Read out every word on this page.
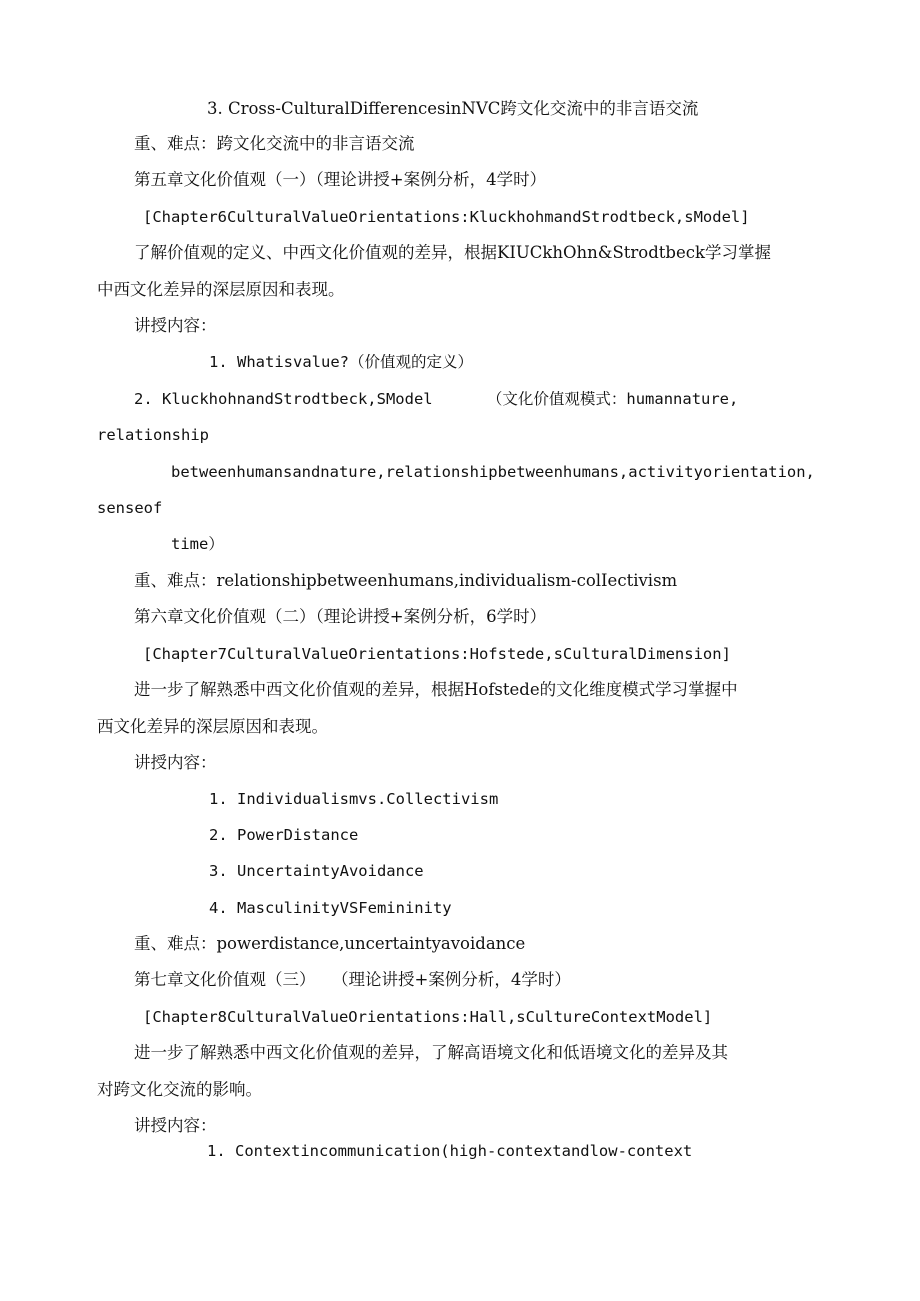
3. Cross-CulturalDifferencesinNVC跨文化交流中的非言语交流
重、难点：跨文化交流中的非言语交流
第五章文化价值观（一）（理论讲授+案例分析，4学时）
[Chapter6CulturalValueOrientations:KluckhohmandStrodtbeck,sModel]
了解价值观的定义、中西文化价值观的差异，根据KIUCkhOhn&Strodtbeck学习掌握
中西文化差异的深层原因和表现。
讲授内容：
1. Whatisvalue?（价值观的定义）
2. KluckhohnandStrodtbeck,SModel　　　　（文化价值观模式：humannature,
relationship
betweenhumansandnature,relationshipbetweenhumans,activityorientation,
senseof
time）
重、难点：relationshipbetweenhumans,individualism-colIectivism
第六章文化价值观（二）（理论讲授+案例分析，6学时）
[Chapter7CulturalValueOrientations:Hofstede,sCulturalDimension]
进一步了解熟悉中西文化价值观的差异，根据Hofstede的文化维度模式学习掌握中
西文化差异的深层原因和表现。
讲授内容：
1. Individualismvs.Collectivism
2. PowerDistance
3. UncertaintyAvoidance
4. MasculinityVSFemininity
重、难点：powerdistance,uncertaintyavoidance
第七章文化价值观（三）　　（理论讲授+案例分析，4学时）
[Chapter8CulturalValueOrientations:Hall,sCultureContextModel]
进一步了解熟悉中西文化价值观的差异，了解高语境文化和低语境文化的差异及其
对跨文化交流的影响。
讲授内容：
1. Contextincommunication(high-contextandlow-context
